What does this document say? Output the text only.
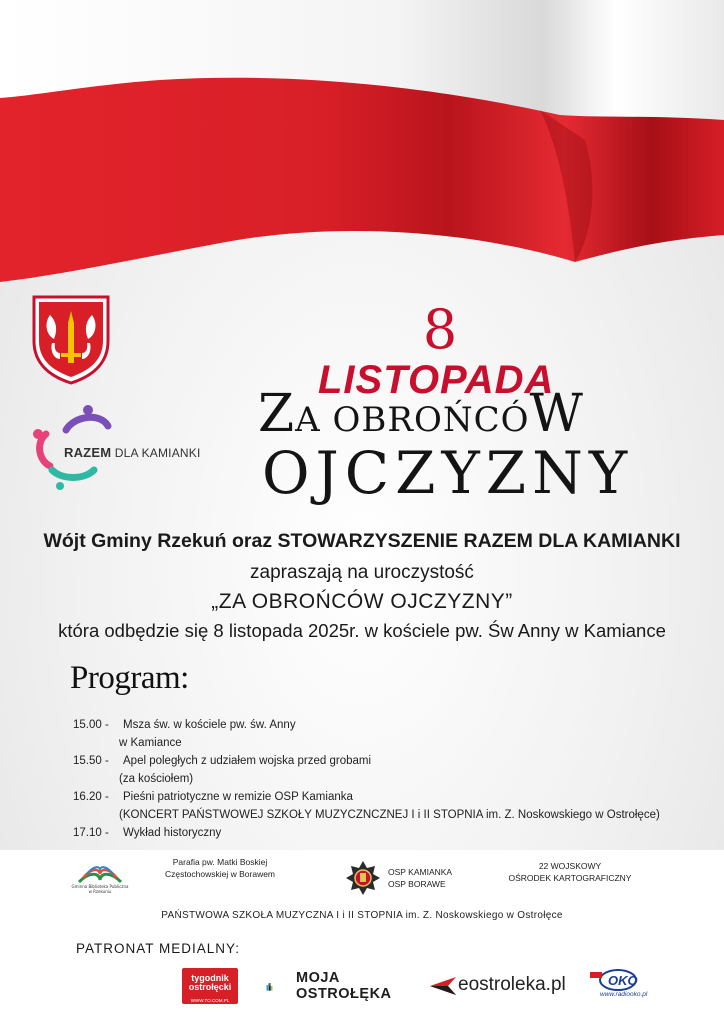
RAZEM DLA KAMIANKI
8
LISTOPADA
ZA OBROŃCÓW
OJCZYZNY
Wójt Gminy Rzekuń oraz STOWARZYSZENIE RAZEM DLA KAMIANKI
zapraszają na uroczystość
„ZA OBROŃCÓW OJCZYZNY”
która odbędzie się 8 listopada 2025r. w kościele pw. Św Anny w Kamiance
Program:
15.00 -	Msza św. w kościele pw. św. Anny
w Kamiance
15.50 -	Apel poległych z udziałem wojska przed grobami
(za kościołem)
16.20 -	Pieśni patriotyczne w remizie OSP Kamianka
(KONCERT PAŃSTWOWEJ SZKOŁY MUZYCZNCZNEJ I i II STOPNIA im. Z. Noskowskiego w Ostrołęce)
17.10 -	Wykład historyczny
Gminna Biblioteka Publiczna w Rzekuniu
Parafia pw. Matki Boskiej
Częstochowskiej w Borawem	OSP KAMIANKA
OSP BORAWE
22 WOJSKOWY
OŚRODEK KARTOGRAFICZNY
PAŃSTWOWA SZKOŁA MUZYCZNA I i II STOPNIA im. Z. Noskowskiego w Ostrołęce
PATRONAT MEDIALNY:
tygodnik
ostrołęcki
WWW.TO.COM.PL
MOJA
OSTROŁĘKA	eostroleka.pl	OKO
www.radiooko.pl
